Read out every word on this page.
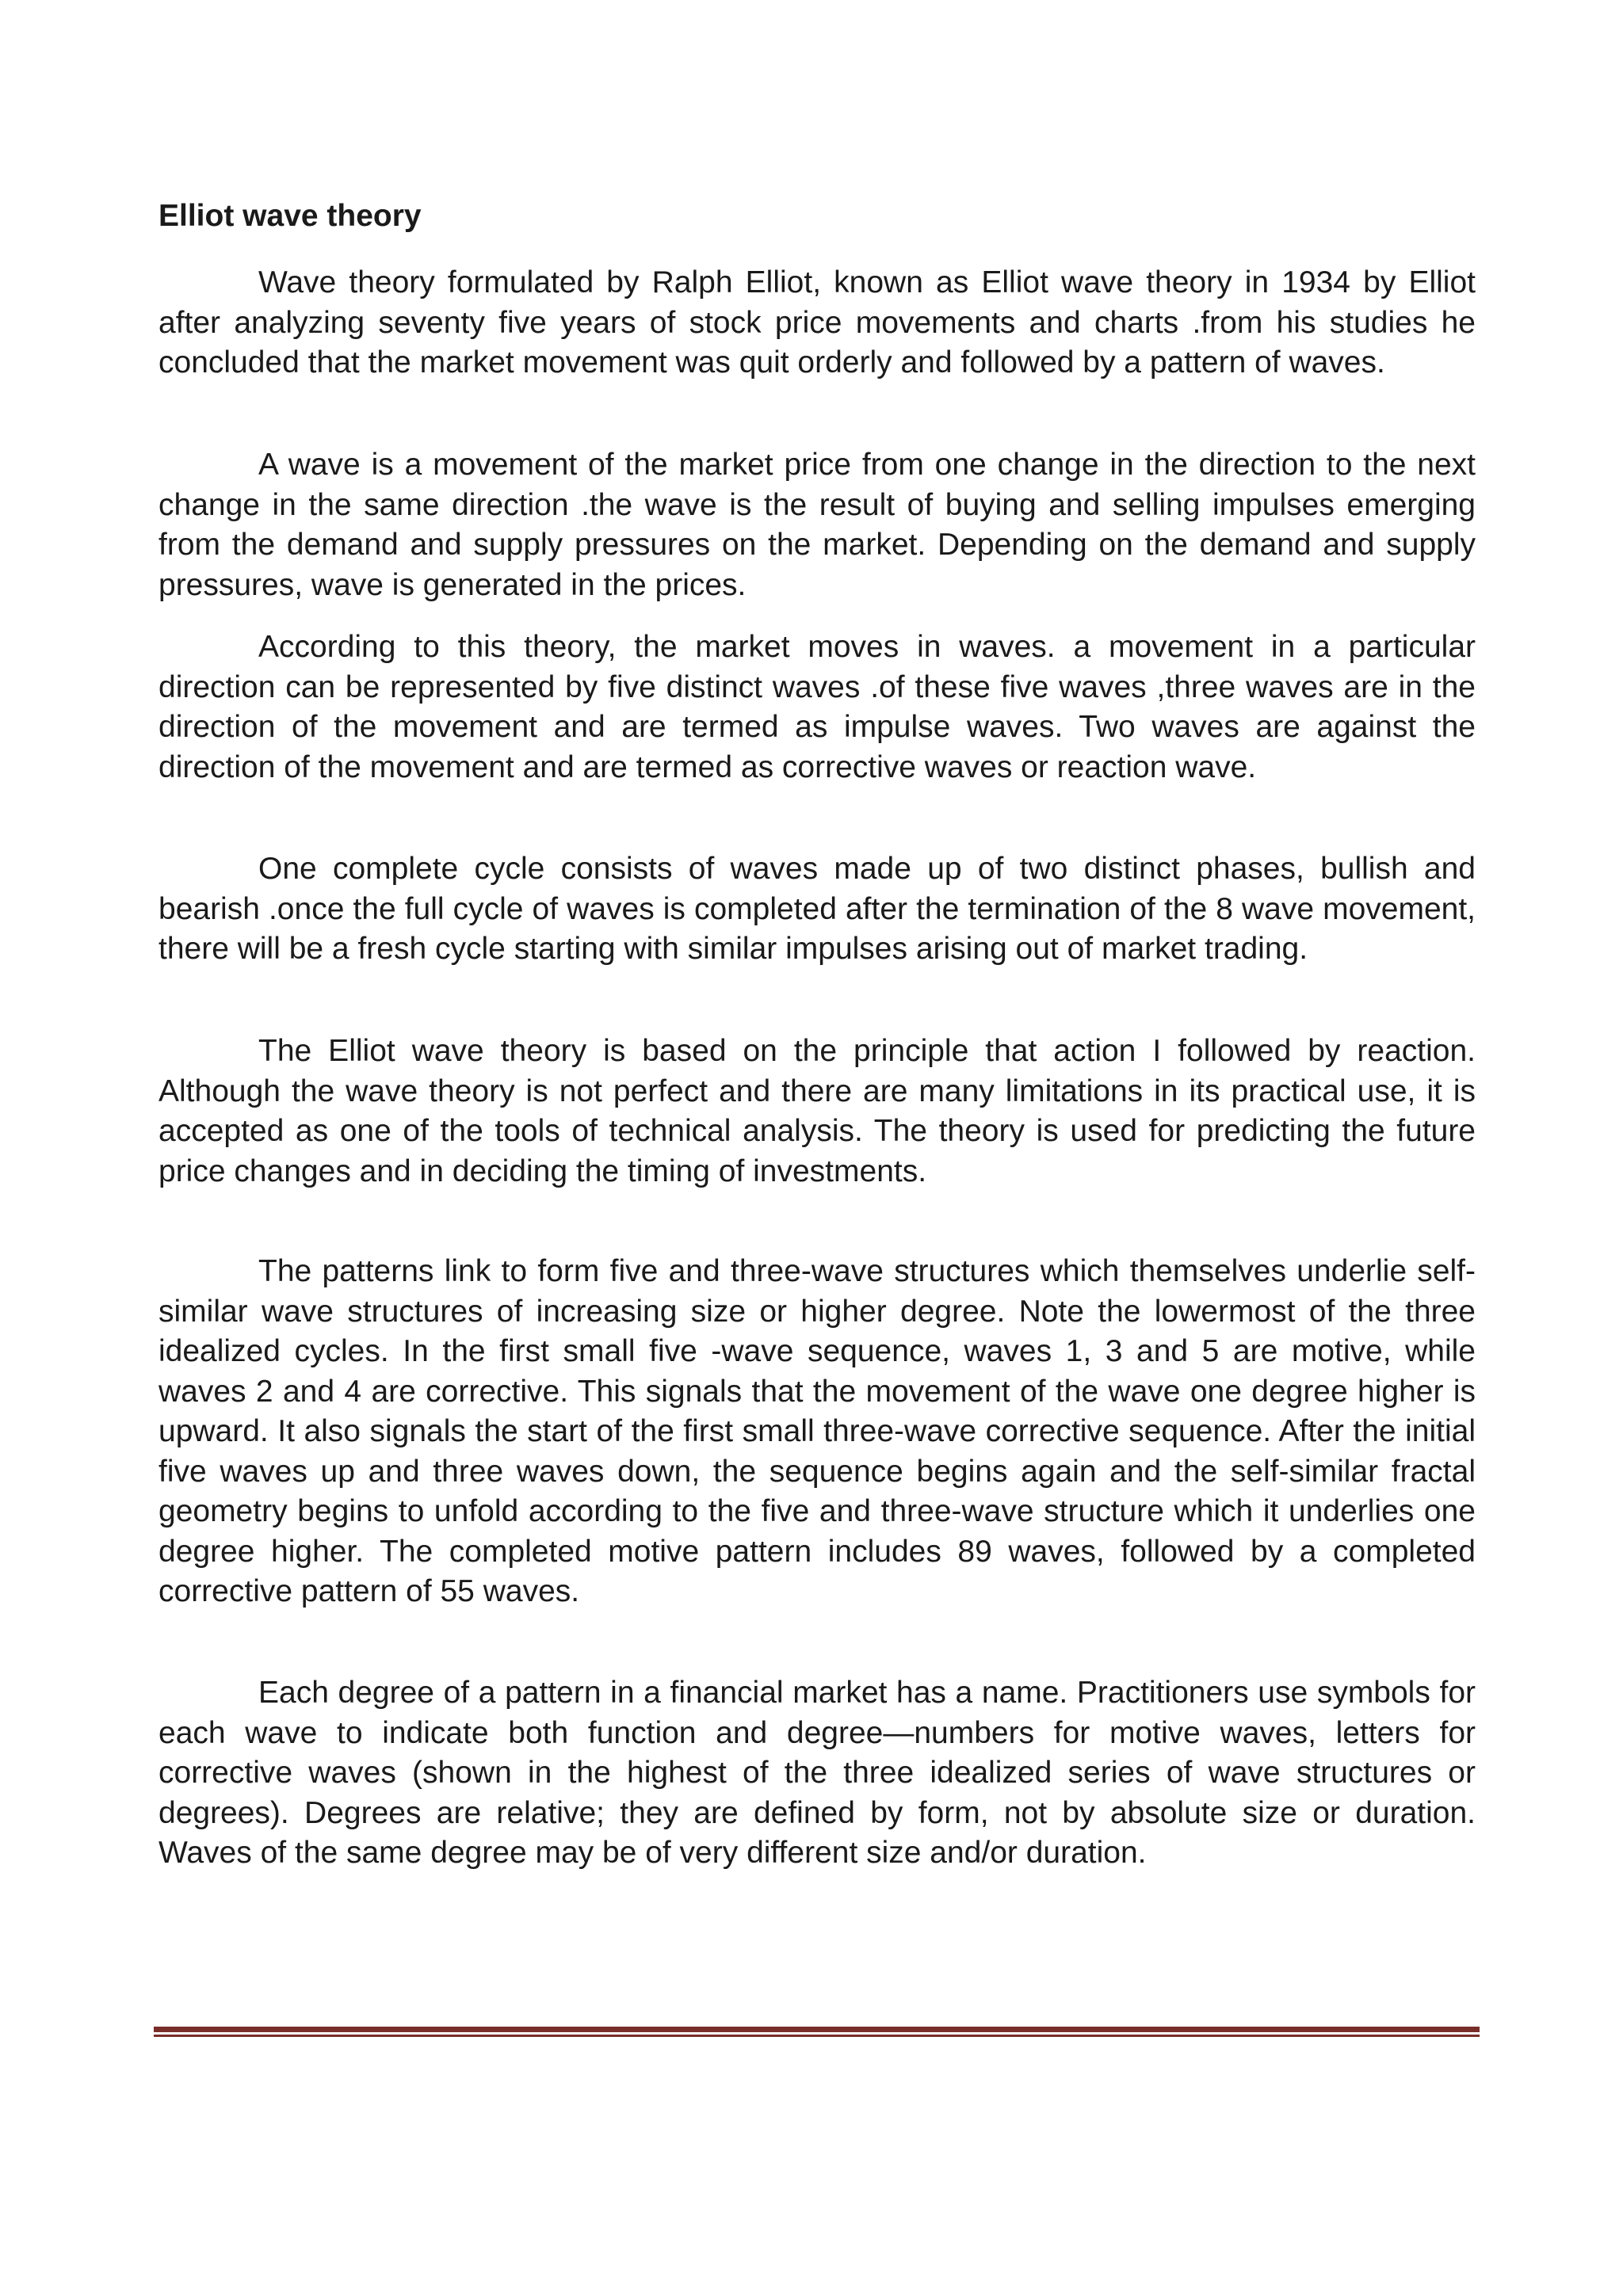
Elliot wave theory

Wave theory formulated by Ralph Elliot, known as Elliot wave theory in 1934 by Elliot after analyzing seventy five years of stock price movements and charts .from his studies he concluded that the market movement was quit orderly and followed by a pattern of waves.

A wave is a movement of the market price from one change in the direction to the next change in the same direction .the wave is the result of buying and selling impulses emerging from the demand and supply pressures on the market. Depending on the demand and supply pressures, wave is generated in the prices.

According to this theory, the market moves in waves. a movement in a particular direction can be represented by five distinct waves .of these five waves ,three waves are in the direction of the movement and are termed as impulse waves. Two waves are against the direction of the movement and are termed as corrective waves or reaction wave.

One complete cycle consists of waves made up of two distinct phases, bullish and bearish .once the full cycle of waves is completed after the termination of the 8 wave movement, there will be a fresh cycle starting with similar impulses arising out of market trading.

The Elliot wave theory is based on the principle that action I followed by reaction. Although the wave theory is not perfect and there are many limitations in its practical use, it is accepted as one of the tools of technical analysis. The theory is used for predicting the future price changes and in deciding the timing of investments.

The patterns link to form five and three-wave structures which themselves underlie self-similar wave structures of increasing size or higher degree. Note the lowermost of the three idealized cycles. In the first small five -wave sequence, waves 1, 3 and 5 are motive, while waves 2 and 4 are corrective. This signals that the movement of the wave one degree higher is upward. It also signals the start of the first small three-wave corrective sequence. After the initial five waves up and three waves down, the sequence begins again and the self-similar fractal geometry begins to unfold according to the five and three-wave structure which it underlies one degree higher. The completed motive pattern includes 89 waves, followed by a completed corrective pattern of 55 waves.

Each degree of a pattern in a financial market has a name. Practitioners use symbols for each wave to indicate both function and degree—numbers for motive waves, letters for corrective waves (shown in the highest of the three idealized series of wave structures or degrees). Degrees are relative; they are defined by form, not by absolute size or duration. Waves of the same degree may be of very different size and/or duration.
